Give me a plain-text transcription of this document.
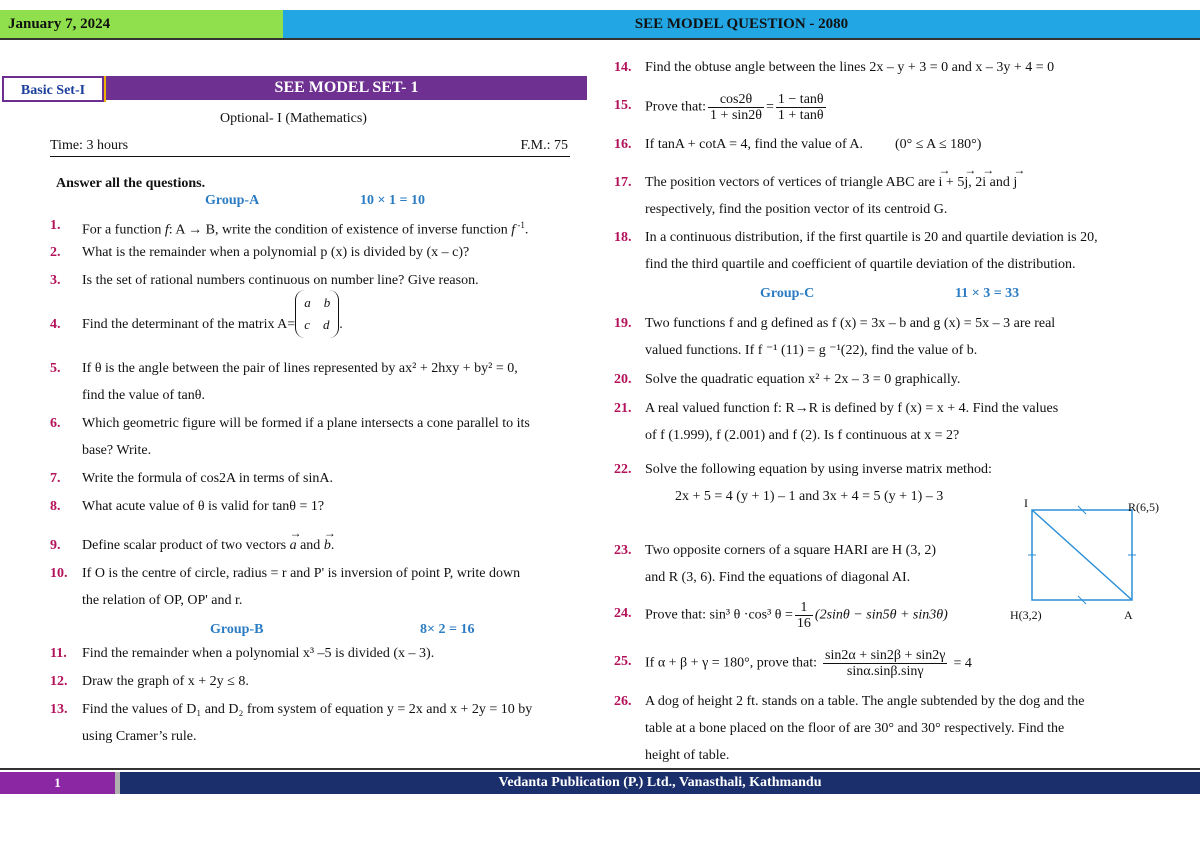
January 7, 2024	SEE MODEL QUESTION - 2080
Basic Set-I	SEE MODEL SET- 1
Optional- I (Mathematics)
Time: 3 hours	F.M.: 75
Answer all the questions.
Group-A	10 × 1 = 10
1. For a function f: A → B, write the condition of existence of inverse function f $^{-1}$.
2. What is the remainder when a polynomial p (x) is divided by (x – c)?
3. Is the set of rational numbers continuous on number line? Give reason.
4. Find the determinant of the matrix A=a b
c d .
5. If θ is the angle between the pair of lines represented by ax² + 2hxy + by² = 0,
find the value of tanθ.
6. Which geometric figure will be formed if a plane intersects a cone parallel to its
base? Write.
7. Write the formula of cos2A in terms of sinA.
8. What acute value of θ is valid for tanθ = 1?
9. Define scalar product of two vectors → a and → b.
10. If O is the centre of circle, radius = r and P' is inversion of point P, write down
the relation of OP, OP' and r.
11. Find the remainder when a polynomial x³ –5 is divided (x – 3).
12. Draw the graph of x + 2y ≤ 8.
13. Find the values of D₁ and D₂ from system of equation y = 2x and x + 2y = 10 by
using Cramer’s rule.
Group-B	8× 2 = 16
14. Find the obtuse angle between the lines 2x – y + 3 = 0 and x – 3y + 4 = 0
15. Prove that: $\frac{\cos 2\theta}{1 + \sin 2\theta} = \frac{1 - \tan\theta}{1 + \tan\theta}$
16. If tanA + cotA = 4, find the value of A. (0° ≤ A ≤ 180°)
17. The position vectors of vertices of triangle ABC are → i + 5→ j, 2→ i and → j
respectively, find the position vector of its centroid G.
18. In a continuous distribution, if the first quartile is 20 and quartile deviation is 20,
find the third quartile and coefficient of quartile deviation of the distribution.
19. Two functions f and g defined as f (x) = 3x – b and g (x) = 5x – 3 are real
valued functions. If f ⁻¹ (11) = g ⁻¹(22), find the value of b.
20. Solve the quadratic equation x² + 2x – 3 = 0 graphically.
21. A real valued function f: R→R is defined by f (x) = x + 4. Find the values
of f (1.999), f (2.001) and f (2). Is f continuous at x = 2?
22. Solve the following equation by using inverse matrix method:
2x + 5 = 4 (y + 1) – 1 and 3x + 4 = 5 (y + 1) – 3
23. Two opposite corners of a square HARI are H (3, 2)
and R (3, 6). Find the equations of diagonal AI.
24. Prove that: sin³ θ ·cos³ $\theta = \frac{1}{16} (2\sin\theta - \sin 5\theta + \sin 3\theta)$
25. If α + β + γ = 180°, prove that: $\frac{\sin 2\alpha + \sin 2\beta + \sin 2\gamma}{\sin\alpha.\sin\beta.\sin\gamma} = 4$
26. A dog of height 2 ft. stands on a table. The angle subtended by the dog and the
table at a bone placed on the floor of are 30° and 30° respectively. Find the
height of table.
Group-C	11 × 3 = 33
I	R(6,5)
H(3,2)	A
1	Vedanta Publication (P.) Ltd., Vanasthali, Kathmandu
